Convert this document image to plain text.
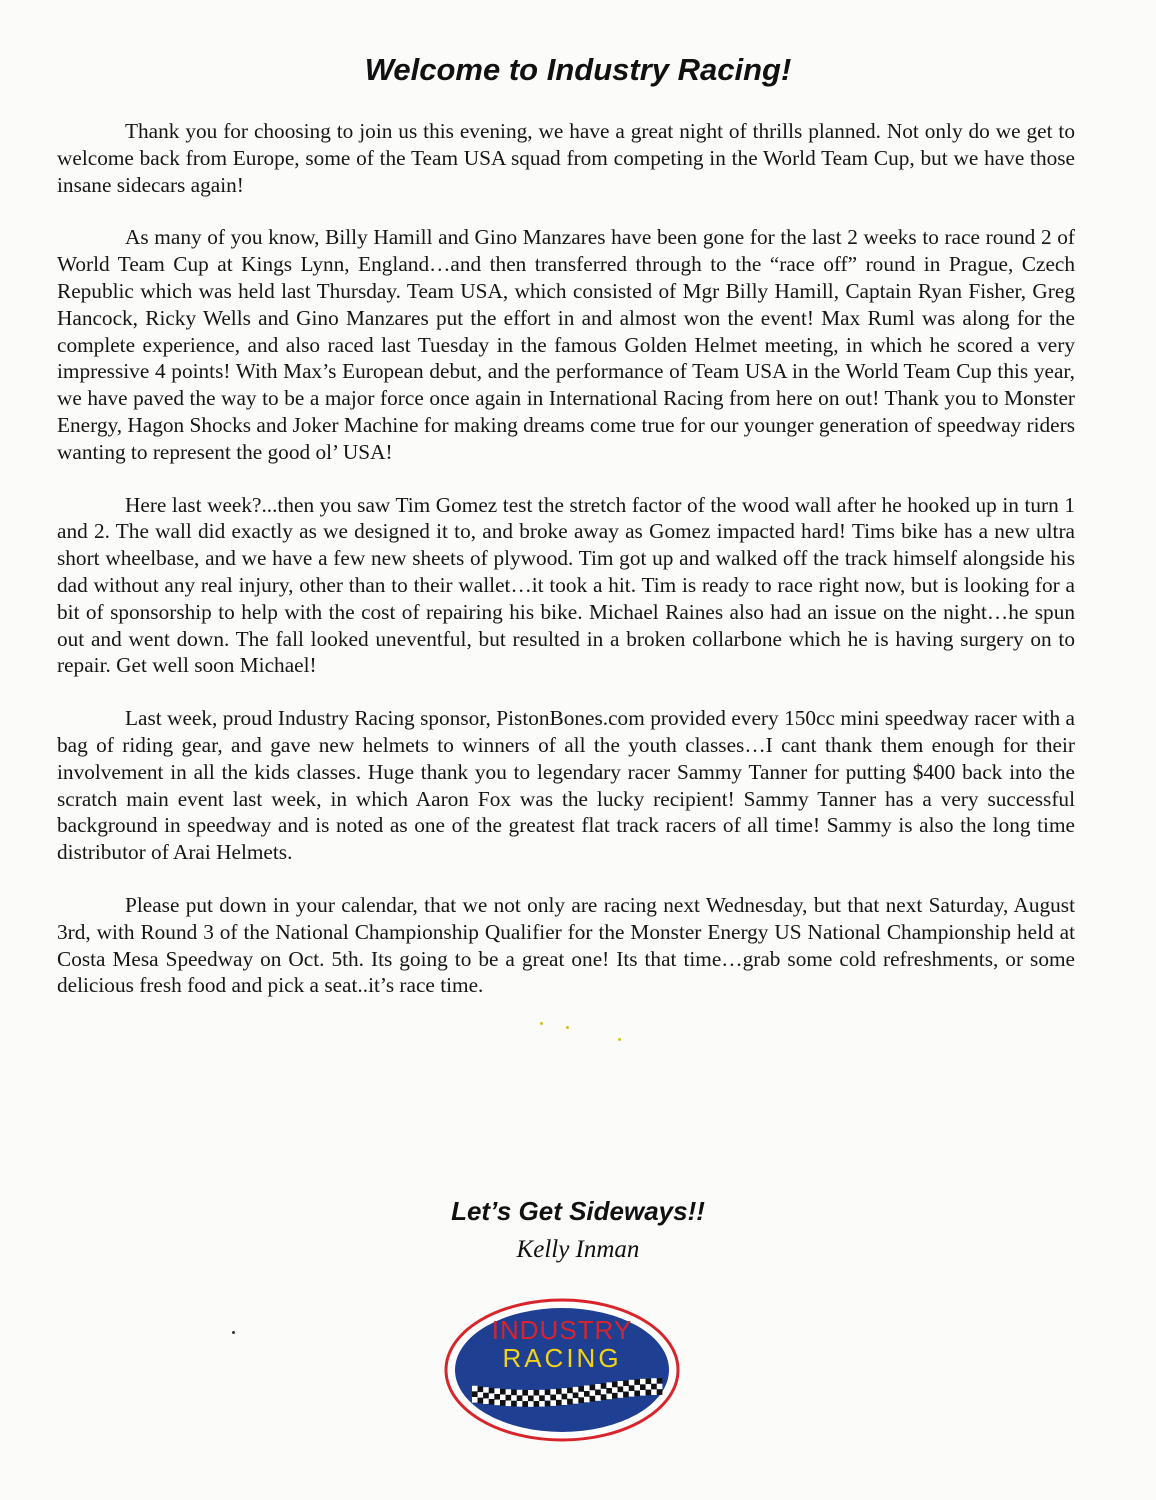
Welcome to Industry Racing!

Thank you for choosing to join us this evening, we have a great night of thrills planned. Not only do we get to welcome back from Europe, some of the Team USA squad from competing in the World Team Cup, but we have those insane sidecars again!

As many of you know, Billy Hamill and Gino Manzares have been gone for the last 2 weeks to race round 2 of World Team Cup at Kings Lynn, England…and then transferred through to the “race off” round in Prague, Czech Republic which was held last Thursday. Team USA, which consisted of Mgr Billy Hamill, Captain Ryan Fisher, Greg Hancock, Ricky Wells and Gino Manzares put the effort in and almost won the event! Max Ruml was along for the complete experience, and also raced last Tuesday in the famous Golden Helmet meeting, in which he scored a very impressive 4 points! With Max’s European debut, and the performance of Team USA in the World Team Cup this year, we have paved the way to be a major force once again in International Racing from here on out! Thank you to Monster Energy, Hagon Shocks and Joker Machine for making dreams come true for our younger generation of speedway riders wanting to represent the good ol’ USA!

Here last week?...then you saw Tim Gomez test the stretch factor of the wood wall after he hooked up in turn 1 and 2. The wall did exactly as we designed it to, and broke away as Gomez impacted hard! Tims bike has a new ultra short wheelbase, and we have a few new sheets of plywood. Tim got up and walked off the track himself alongside his dad without any real injury, other than to their wallet…it took a hit. Tim is ready to race right now, but is looking for a bit of sponsorship to help with the cost of repairing his bike. Michael Raines also had an issue on the night…he spun out and went down. The fall looked uneventful, but resulted in a broken collarbone which he is having surgery on to repair. Get well soon Michael!

Last week, proud Industry Racing sponsor, PistonBones.com provided every 150cc mini speedway racer with a bag of riding gear, and gave new helmets to winners of all the youth classes…I cant thank them enough for their involvement in all the kids classes. Huge thank you to legendary racer Sammy Tanner for putting $400 back into the scratch main event last week, in which Aaron Fox was the lucky recipient! Sammy Tanner has a very successful background in speedway and is noted as one of the greatest flat track racers of all time! Sammy is also the long time distributor of Arai Helmets.

Please put down in your calendar, that we not only are racing next Wednesday, but that next Saturday, August 3rd, with Round 3 of the National Championship Qualifier for the Monster Energy US National Championship held at Costa Mesa Speedway on Oct. 5th. Its going to be a great one! Its that time…grab some cold refreshments, or some delicious fresh food and pick a seat..it’s race time.

Let’s Get Sideways!!
Kelly Inman
INDUSTRY
RACING
